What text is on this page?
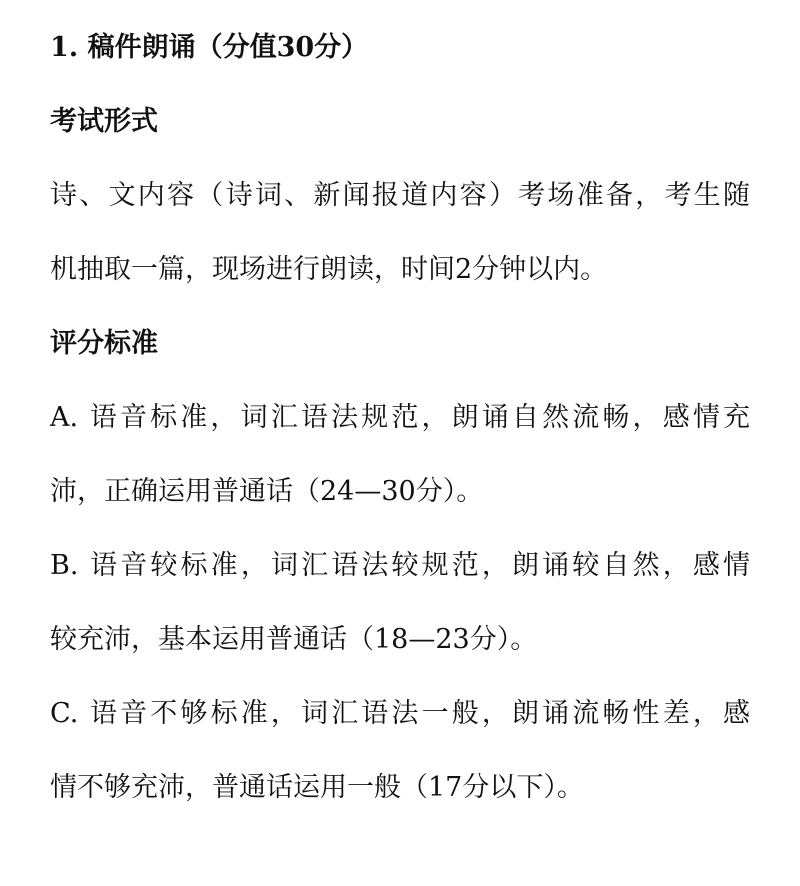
1. 稿件朗诵（分值30分）
考试形式
诗、文内容（诗词、新闻报道内容）考场准备，考生随
机抽取一篇，现场进行朗读，时间2分钟以内。
评分标准
A. 语音标准，词汇语法规范，朗诵自然流畅，感情充
沛，正确运用普通话（24—30分）。
B. 语音较标准，词汇语法较规范，朗诵较自然，感情
较充沛，基本运用普通话（18—23分）。
C. 语音不够标准，词汇语法一般，朗诵流畅性差，感
情不够充沛，普通话运用一般（17分以下）。
